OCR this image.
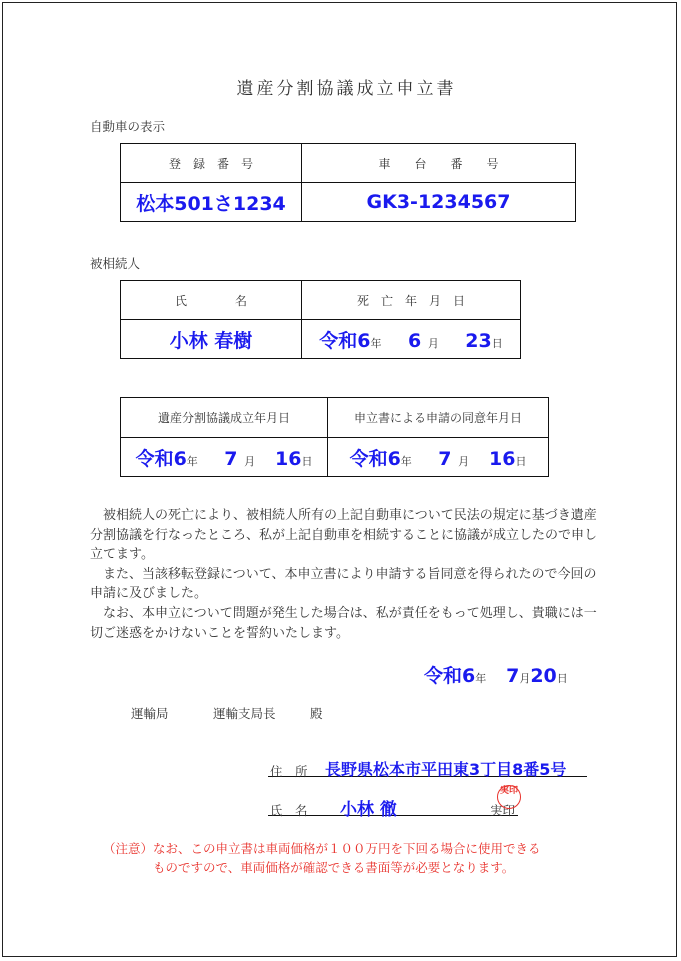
遺産分割協議成立申立書
自動車の表示
登　録　番　号	車　　台　　番　　号
松本501さ1234	GK3-1234567
被相続人
氏　　　　名	死　亡　年　月　日
小林 春樹	令和6年 6 月 23日
遺産分割協議成立年月日	申立書による申請の同意年月日
令和6年 7 月 16日	令和6年 7 月 16日

　被相続人の死亡により、被相続人所有の上記自動車について民法の規定に基づき遺産分割協議を行なったところ、私が上記自動車を相続することに協議が成立したので申し立てます。

　また、当該移転登録について、本申立書により申請する旨同意を得られたので今回の申請に及びました。

　なお、本申立について問題が発生した場合は、私が責任をもって処理し、貴職には一切ご迷惑をかけないことを誓約いたします。

令和6年 7月20日
運輸局	運輸支局長	殿
住　所 長野県松本市平田東3丁目8番5号
氏　名 小林 徹	実印
実印
（注意）なお、この申立書は車両価格が１００万円を下回る場合に使用できる
ものですので、車両価格が確認できる書面等が必要となります。
